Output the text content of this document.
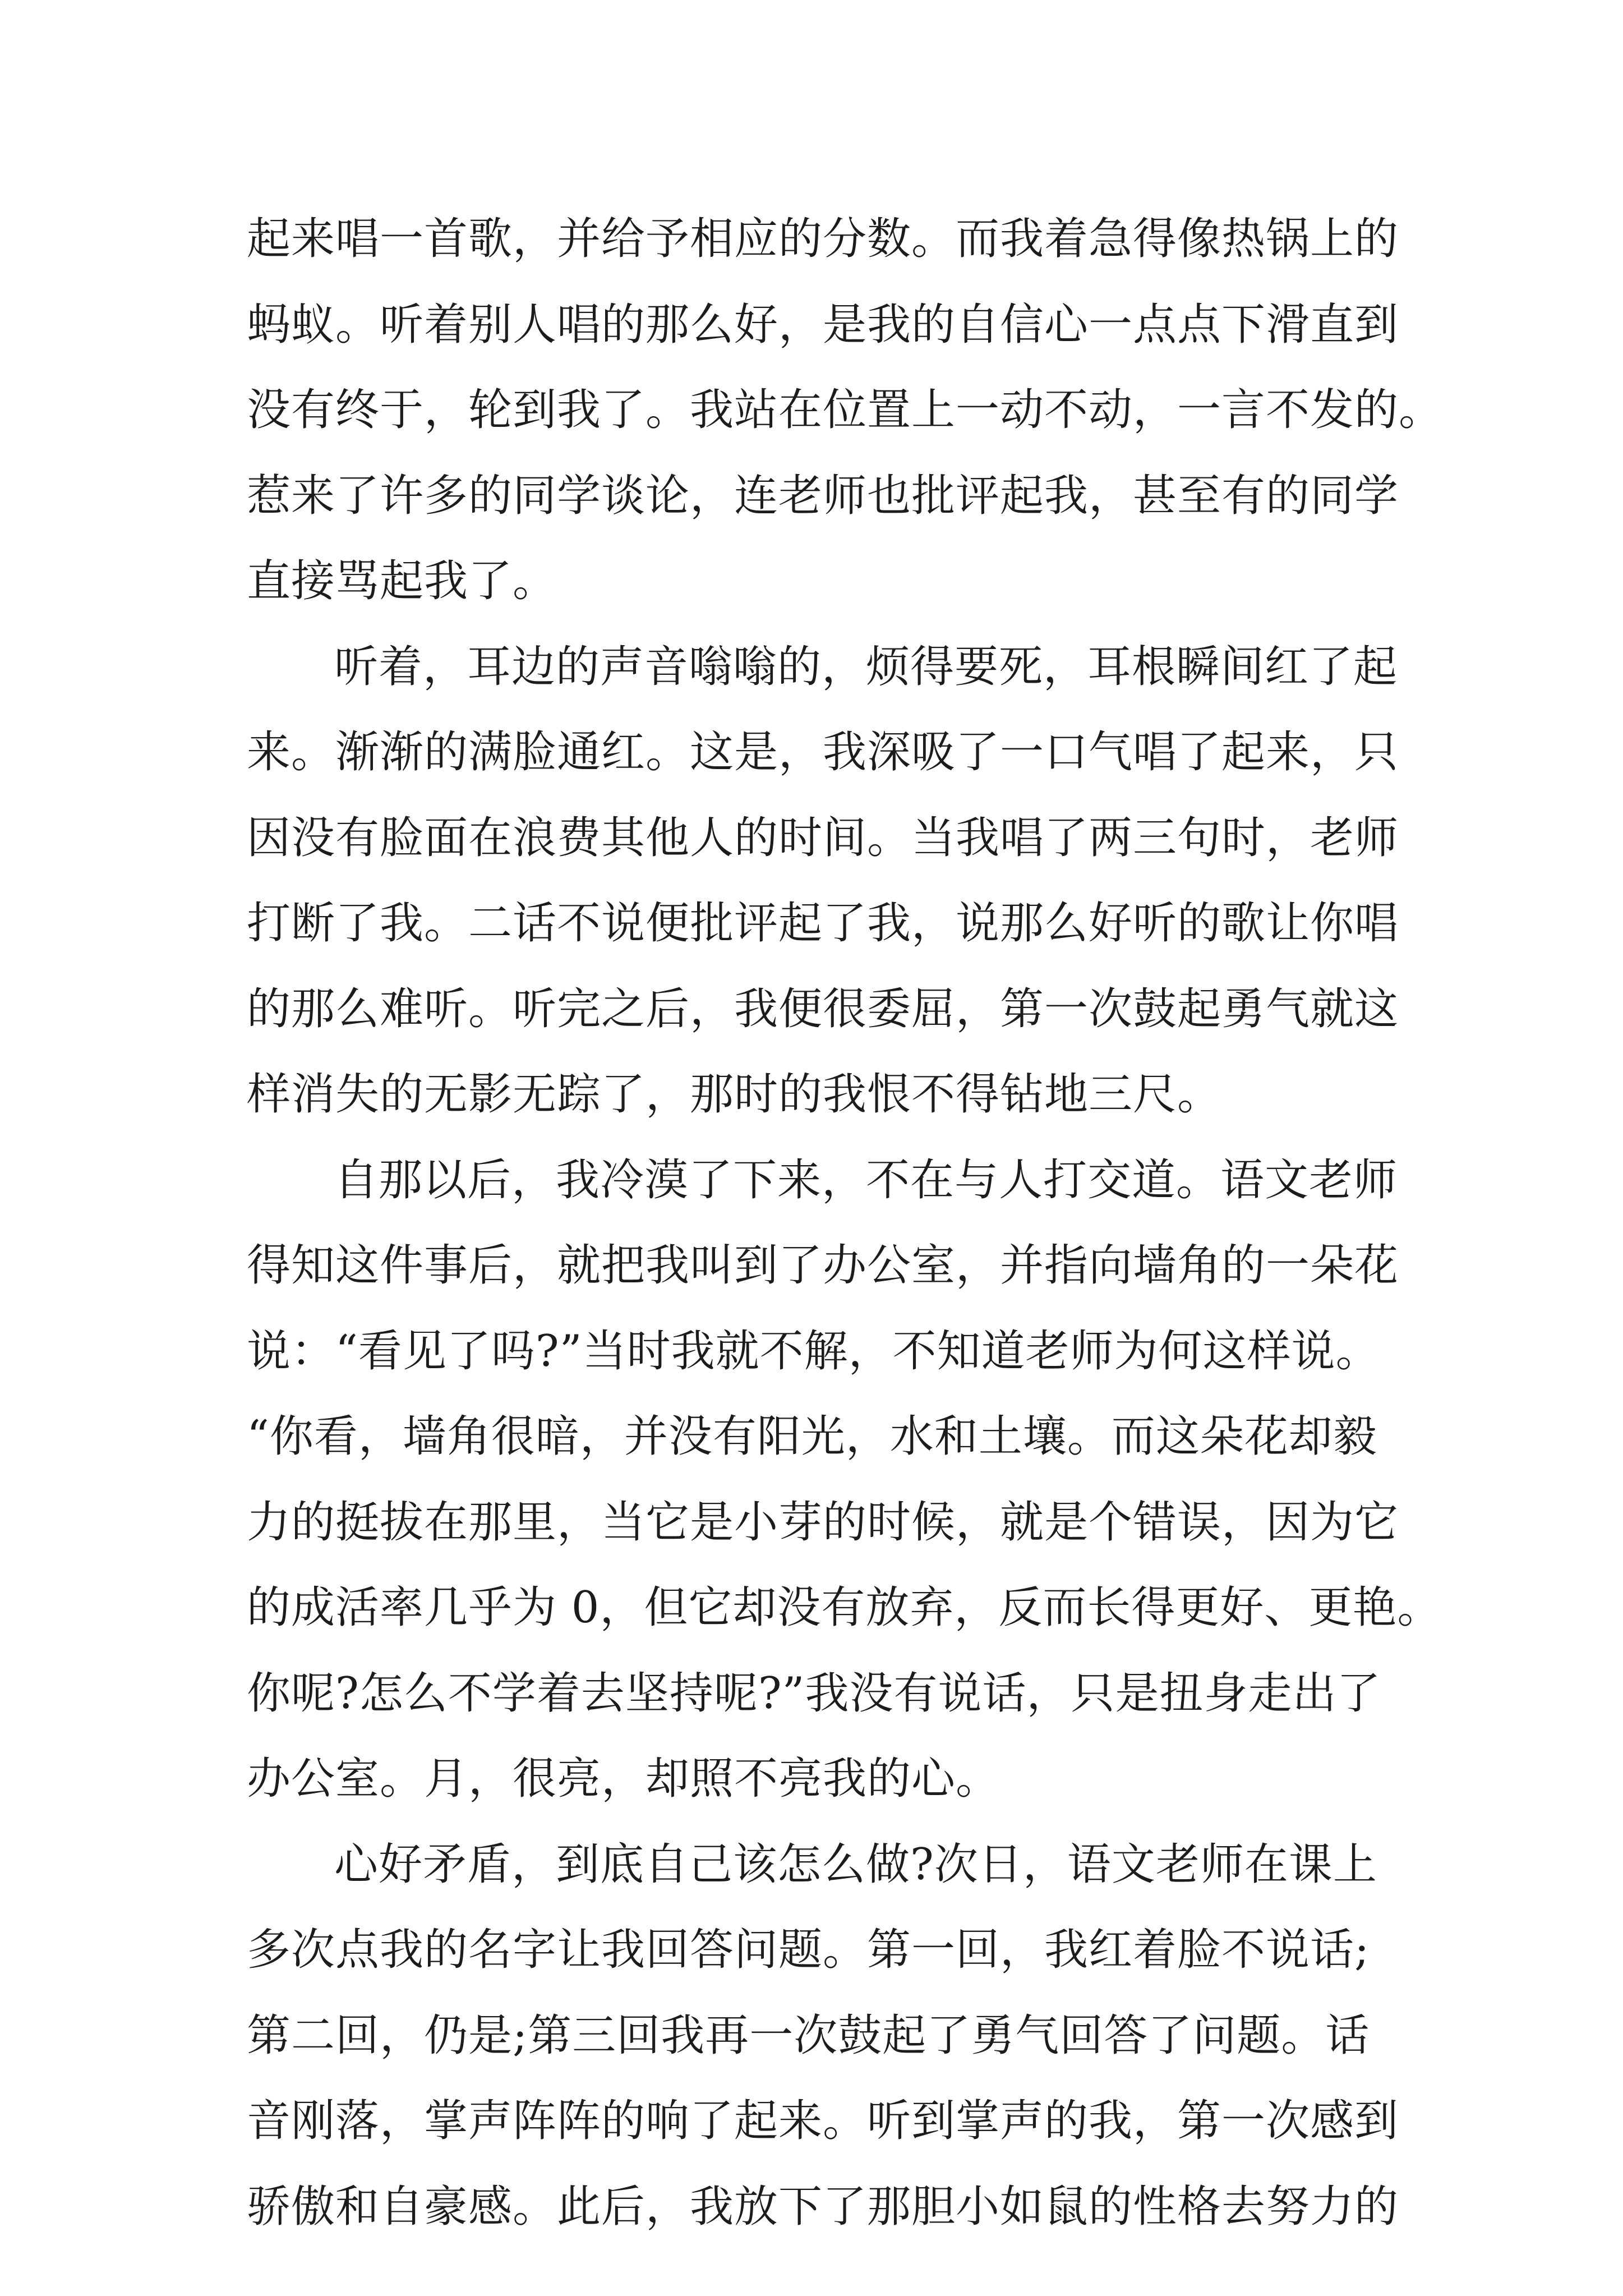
起来唱一首歌，并给予相应的分数。而我着急得像热锅上的
蚂蚁。听着别人唱的那么好，是我的自信心一点点下滑直到
没有终于，轮到我了。我站在位置上一动不动，一言不发的。
惹来了许多的同学谈论，连老师也批评起我，甚至有的同学
直接骂起我了。
听着，耳边的声音嗡嗡的，烦得要死，耳根瞬间红了起
来。渐渐的满脸通红。这是，我深吸了一口气唱了起来，只
因没有脸面在浪费其他人的时间。当我唱了两三句时，老师
打断了我。二话不说便批评起了我，说那么好听的歌让你唱
的那么难听。听完之后，我便很委屈，第一次鼓起勇气就这
样消失的无影无踪了，那时的我恨不得钻地三尺。
自那以后，我冷漠了下来，不在与人打交道。语文老师
得知这件事后，就把我叫到了办公室，并指向墙角的一朵花
说：“看见了吗?”当时我就不解，不知道老师为何这样说。
“你看，墙角很暗，并没有阳光，水和土壤。而这朵花却毅
力的挺拔在那里，当它是小芽的时候，就是个错误，因为它
的成活率几乎为 0，但它却没有放弃，反而长得更好、更艳。
你呢?怎么不学着去坚持呢?”我没有说话，只是扭身走出了
办公室。月，很亮，却照不亮我的心。
心好矛盾，到底自己该怎么做?次日，语文老师在课上
多次点我的名字让我回答问题。第一回，我红着脸不说话;
第二回，仍是;第三回我再一次鼓起了勇气回答了问题。话
音刚落，掌声阵阵的响了起来。听到掌声的我，第一次感到
骄傲和自豪感。此后，我放下了那胆小如鼠的性格去努力的
